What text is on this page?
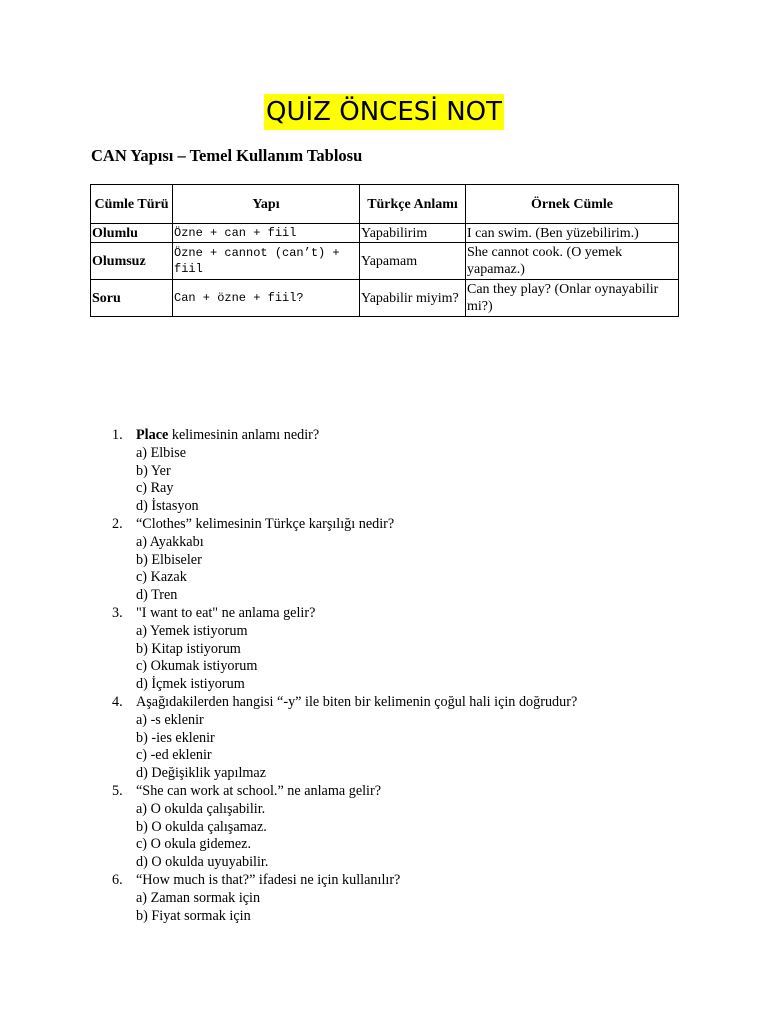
QUİZ ÖNCESİ NOT
CAN Yapısı – Temel Kullanım Tablosu
Cümle Türü	Yapı	Türkçe Anlamı	Örnek Cümle
Olumlu	Özne + can + fiil	Yapabilirim	I can swim. (Ben yüzebilirim.)
Olumsuz	Özne + cannot (can’t) + fiil	Yapamam	She cannot cook. (O yemek yapamaz.)
Soru	Can + özne + fiil?	Yapabilir miyim?	Can they play? (Onlar oynayabilir mi?)
1. Place kelimesinin anlamı nedir?
a) Elbise
b) Yer
c) Ray
d) İstasyon
2. “Clothes” kelimesinin Türkçe karşılığı nedir?
a) Ayakkabı
b) Elbiseler
c) Kazak
d) Tren
3. "I want to eat" ne anlama gelir?
a) Yemek istiyorum
b) Kitap istiyorum
c) Okumak istiyorum
d) İçmek istiyorum
4. Aşağıdakilerden hangisi “-y” ile biten bir kelimenin çoğul hali için doğrudur?
a) -s eklenir
b) -ies eklenir
c) -ed eklenir
d) Değişiklik yapılmaz
5. “She can work at school.” ne anlama gelir?
a) O okulda çalışabilir.
b) O okulda çalışamaz.
c) O okula gidemez.
d) O okulda uyuyabilir.
6. “How much is that?” ifadesi ne için kullanılır?
a) Zaman sormak için
b) Fiyat sormak için
